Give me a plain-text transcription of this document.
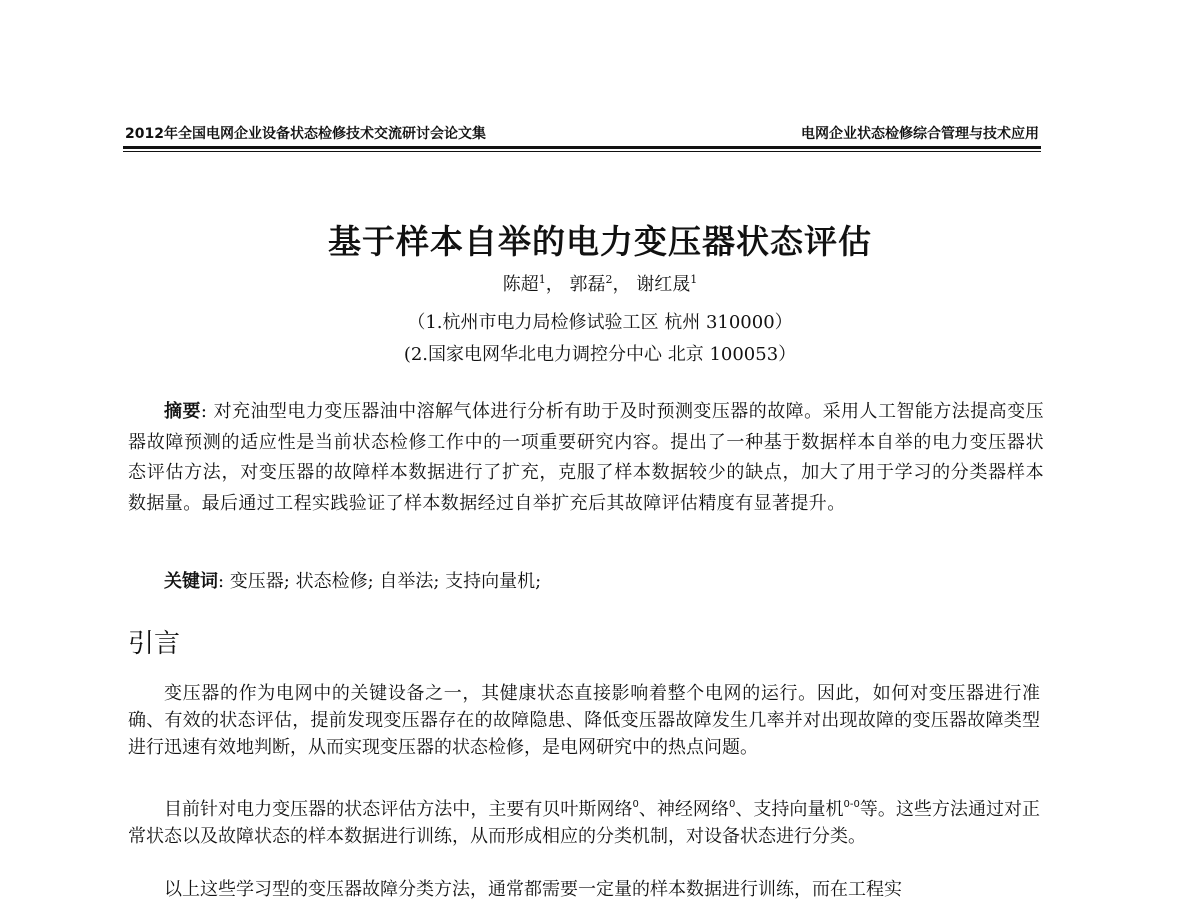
2012年全国电网企业设备状态检修技术交流研讨会论文集	电网企业状态检修综合管理与技术应用
基于样本自举的电力变压器状态评估
陈超$^1$， 郭磊$^2$， 谢红晟$^1$
（1.杭州市电力局检修试验工区 杭州 310000）
(2.国家电网华北电力调控分中心 北京 100053）

摘要: 对充油型电力变压器油中溶解气体进行分析有助于及时预测变压器的故障。采用人工智能方法提高变压器故障预测的适应性是当前状态检修工作中的一项重要研究内容。提出了一种基于数据样本自举的电力变压器状态评估方法，对变压器的故障样本数据进行了扩充，克服了样本数据较少的缺点，加大了用于学习的分类器样本数据量。最后通过工程实践验证了样本数据经过自举扩充后其故障评估精度有显著提升。

关键词: 变压器; 状态检修; 自举法; 支持向量机;

引言

变压器的作为电网中的关键设备之一，其健康状态直接影响着整个电网的运行。因此，如何对变压器进行准确、有效的状态评估，提前发现变压器存在的故障隐患、降低变压器故障发生几率并对出现故障的变压器故障类型进行迅速有效地判断，从而实现变压器的状态检修，是电网研究中的热点问题。

目前针对电力变压器的状态评估方法中，主要有贝叶斯网络$^0$、神经网络$^0$、支持向量机$^{0-0}$等。这些方法通过对正常状态以及故障状态的样本数据进行训练，从而形成相应的分类机制，对设备状态进行分类。

以上这些学习型的变压器故障分类方法，通常都需要一定量的样本数据进行训练，而在工程实
